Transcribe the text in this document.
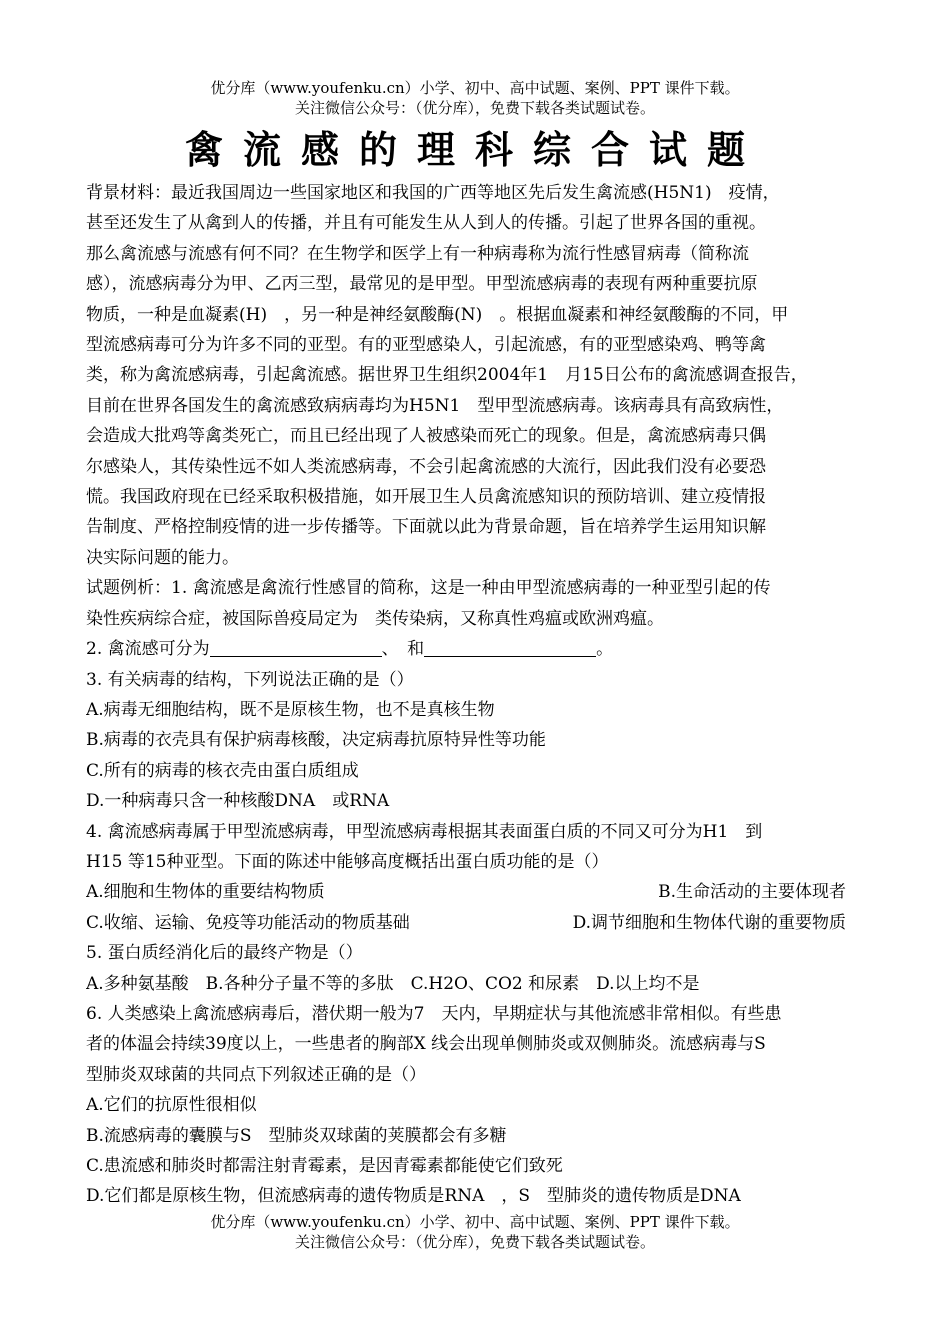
优分库（www.youfenku.cn）小学、初中、高中试题、案例、PPT 课件下载。
关注微信公众号：（优分库），免费下载各类试题试卷。
禽流感的理科综合试题

背景材料：最近我国周边一些国家地区和我国的广西等地区先后发生禽流感(H5N1)　疫情，

甚至还发生了从禽到人的传播，并且有可能发生从人到人的传播。引起了世界各国的重视。

那么禽流感与流感有何不同？在生物学和医学上有一种病毒称为流行性感冒病毒（简称流

感），流感病毒分为甲、乙丙三型，最常见的是甲型。甲型流感病毒的表现有两种重要抗原

物质，一种是血凝素(H)　，另一种是神经氨酸酶(N)　。根据血凝素和神经氨酸酶的不同，甲

型流感病毒可分为许多不同的亚型。有的亚型感染人，引起流感，有的亚型感染鸡、鸭等禽

类，称为禽流感病毒，引起禽流感。据世界卫生组织2004年1　月15日公布的禽流感调查报告，

目前在世界各国发生的禽流感致病病毒均为H5N1　型甲型流感病毒。该病毒具有高致病性，

会造成大批鸡等禽类死亡，而且已经出现了人被感染而死亡的现象。但是，禽流感病毒只偶

尔感染人，其传染性远不如人类流感病毒，不会引起禽流感的大流行，因此我们没有必要恐

慌。我国政府现在已经采取积极措施，如开展卫生人员禽流感知识的预防培训、建立疫情报

告制度、严格控制疫情的进一步传播等。下面就以此为背景命题，旨在培养学生运用知识解

决实际问题的能力。

试题例析：1. 禽流感是禽流行性感冒的简称，这是一种由甲型流感病毒的一种亚型引起的传

染性疾病综合症，被国际兽疫局定为　类传染病，又称真性鸡瘟或欧洲鸡瘟。

2. 禽流感可分为	、　和	。

3. 有关病毒的结构，下列说法正确的是（）

A.病毒无细胞结构，既不是原核生物，也不是真核生物

B.病毒的衣壳具有保护病毒核酸，决定病毒抗原特异性等功能

C.所有的病毒的核衣壳由蛋白质组成

D.一种病毒只含一种核酸DNA　或RNA

4. 禽流感病毒属于甲型流感病毒，甲型流感病毒根据其表面蛋白质的不同又可分为H1　到

H15 等15种亚型。下面的陈述中能够高度概括出蛋白质功能的是（）

A.细胞和生物体的重要结构物质	B.生命活动的主要体现者

C.收缩、运输、免疫等功能活动的物质基础	D.调节细胞和生物体代谢的重要物质

5. 蛋白质经消化后的最终产物是（）

A.多种氨基酸　B.各种分子量不等的多肽　C.H2O、CO2 和尿素　D.以上均不是

6. 人类感染上禽流感病毒后，潜伏期一般为7　天内，早期症状与其他流感非常相似。有些患

者的体温会持续39度以上，一些患者的胸部X 线会出现单侧肺炎或双侧肺炎。流感病毒与S

型肺炎双球菌的共同点下列叙述正确的是（）

A.它们的抗原性很相似

B.流感病毒的囊膜与S　型肺炎双球菌的荚膜都会有多糖

C.患流感和肺炎时都需注射青霉素，是因青霉素都能使它们致死

D.它们都是原核生物，但流感病毒的遗传物质是RNA　，S　型肺炎的遗传物质是DNA

优分库（www.youfenku.cn）小学、初中、高中试题、案例、PPT 课件下载。
关注微信公众号：（优分库），免费下载各类试题试卷。
